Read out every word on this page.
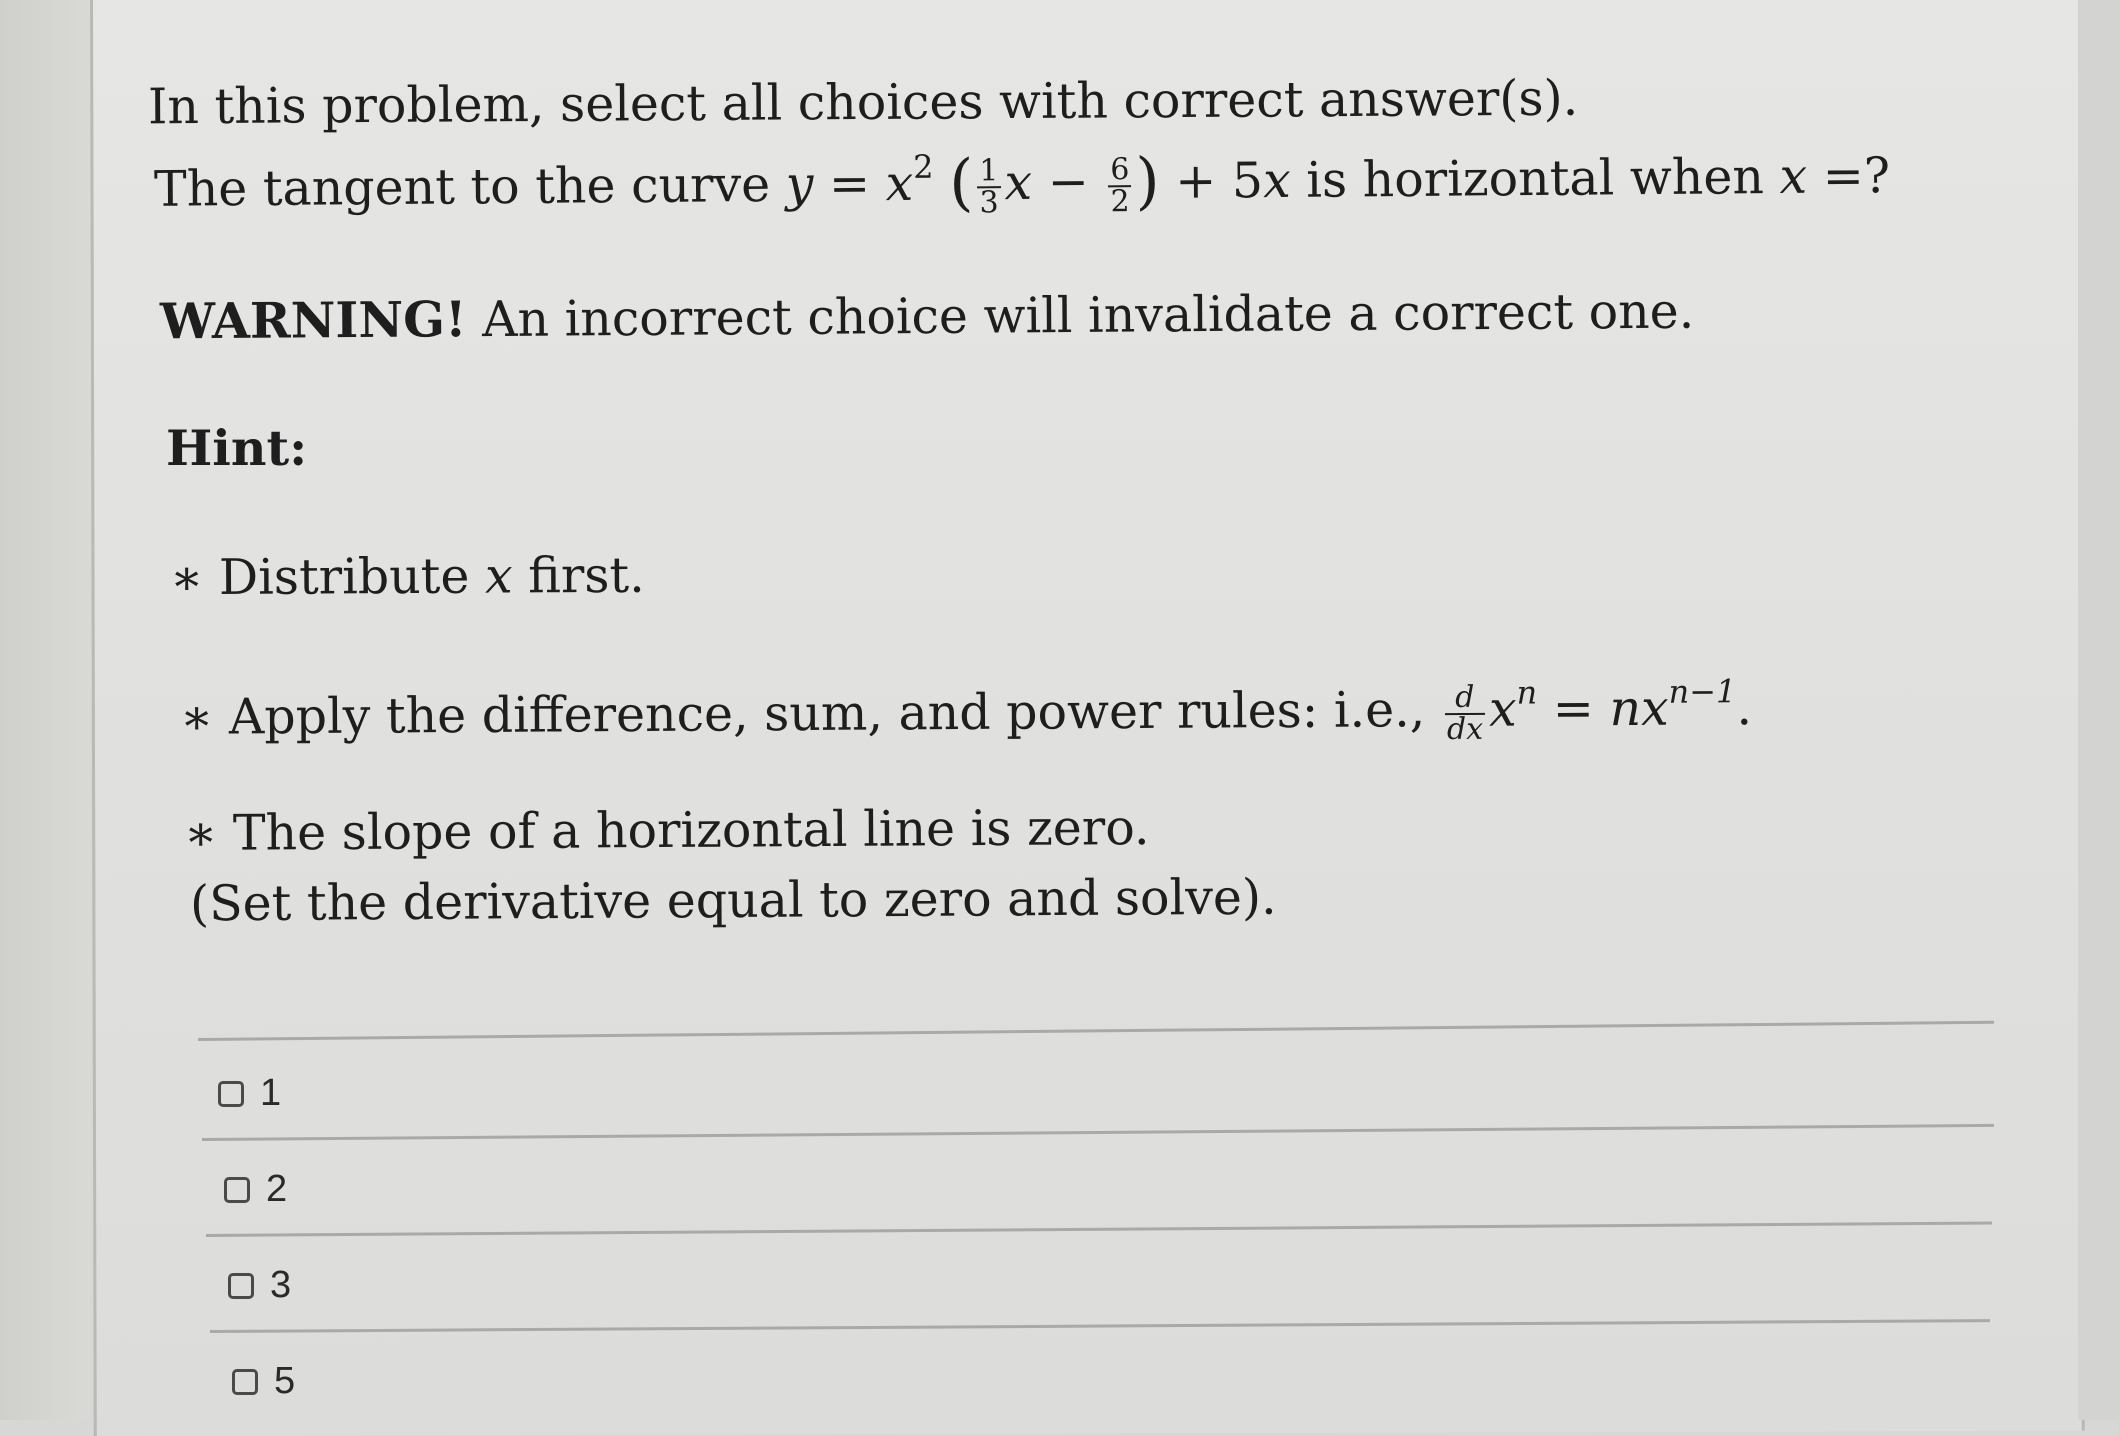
In this problem, select all choices with correct answer(s).
The tangent to the curve $y = x^2$ ( $\frac{1}{3}$ $x - \frac{6}{2}$ ) + 5x is horizontal when x =?
WARNING! An incorrect choice will invalidate a correct one.
Hint:
∗ Distribute x first.
∗ Apply the difference, sum, and power rules: i.e., $\frac{d}{dx} x^n = nx^{n-1}$.
∗ The slope of a horizontal line is zero.
(Set the derivative equal to zero and solve).
1
2
3
5
